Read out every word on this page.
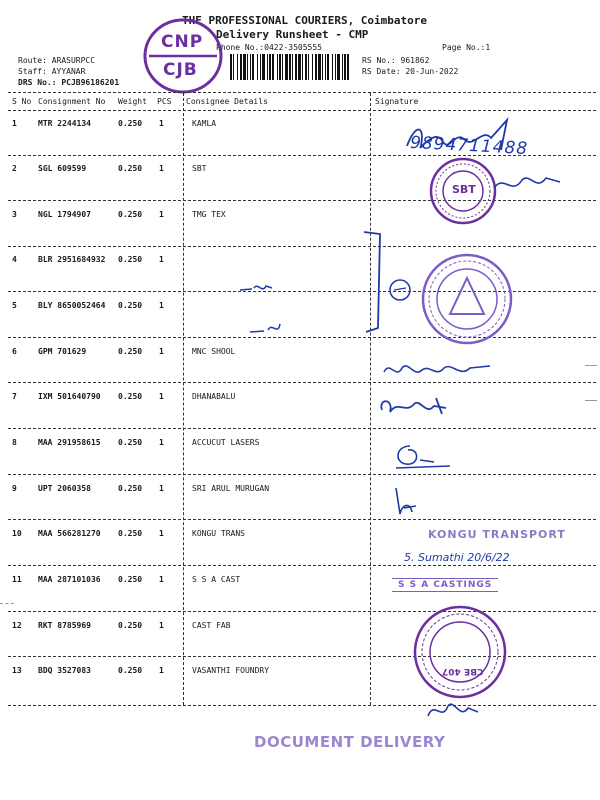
THE PROFESSIONAL COURIERS, Coimbatore
Delivery Runsheet - CMP
Phone No.:0422-3505555	Page No.:1
Route: ARASURPCC
Staff: AYYANAR
DRS No.: PCJB96186201
RS No.: 961862
RS Date: 20-Jun-2022
CNP
CJB
S No Consignment No Weight PCS Consignee Details	Signature
1	MTR 2244134	0.250 1	KAMLA
2	SGL 609599	0.250 1	SBT
3	NGL 1794907	0.250 1	TMG TEX
4	BLR 2951684932 0.250 1
5	BLY 8650052464 0.250 1
6	GPM 701629	0.250 1	MNC SHOOL
7	IXM 501640790 0.250 1	DHANABALU
8	MAA 291958615 0.250 1	ACCUCUT LASERS
9	UPT 2060358	0.250 1	SRI ARUL MURUGAN
10 MAA 566281270 0.250 1	KONGU TRANS
11 MAA 287101036 0.250 1	S S A CAST
12 RKT 8785969	0.250 1	CAST FAB
13 BDQ 3527083	0.250 1	VASANTHI FOUNDRY
9894711488
SBT
KONGU TRANSPORT
5. Sumathi 20/6/22
S S A CASTINGS
CBE 407
DOCUMENT DELIVERY
